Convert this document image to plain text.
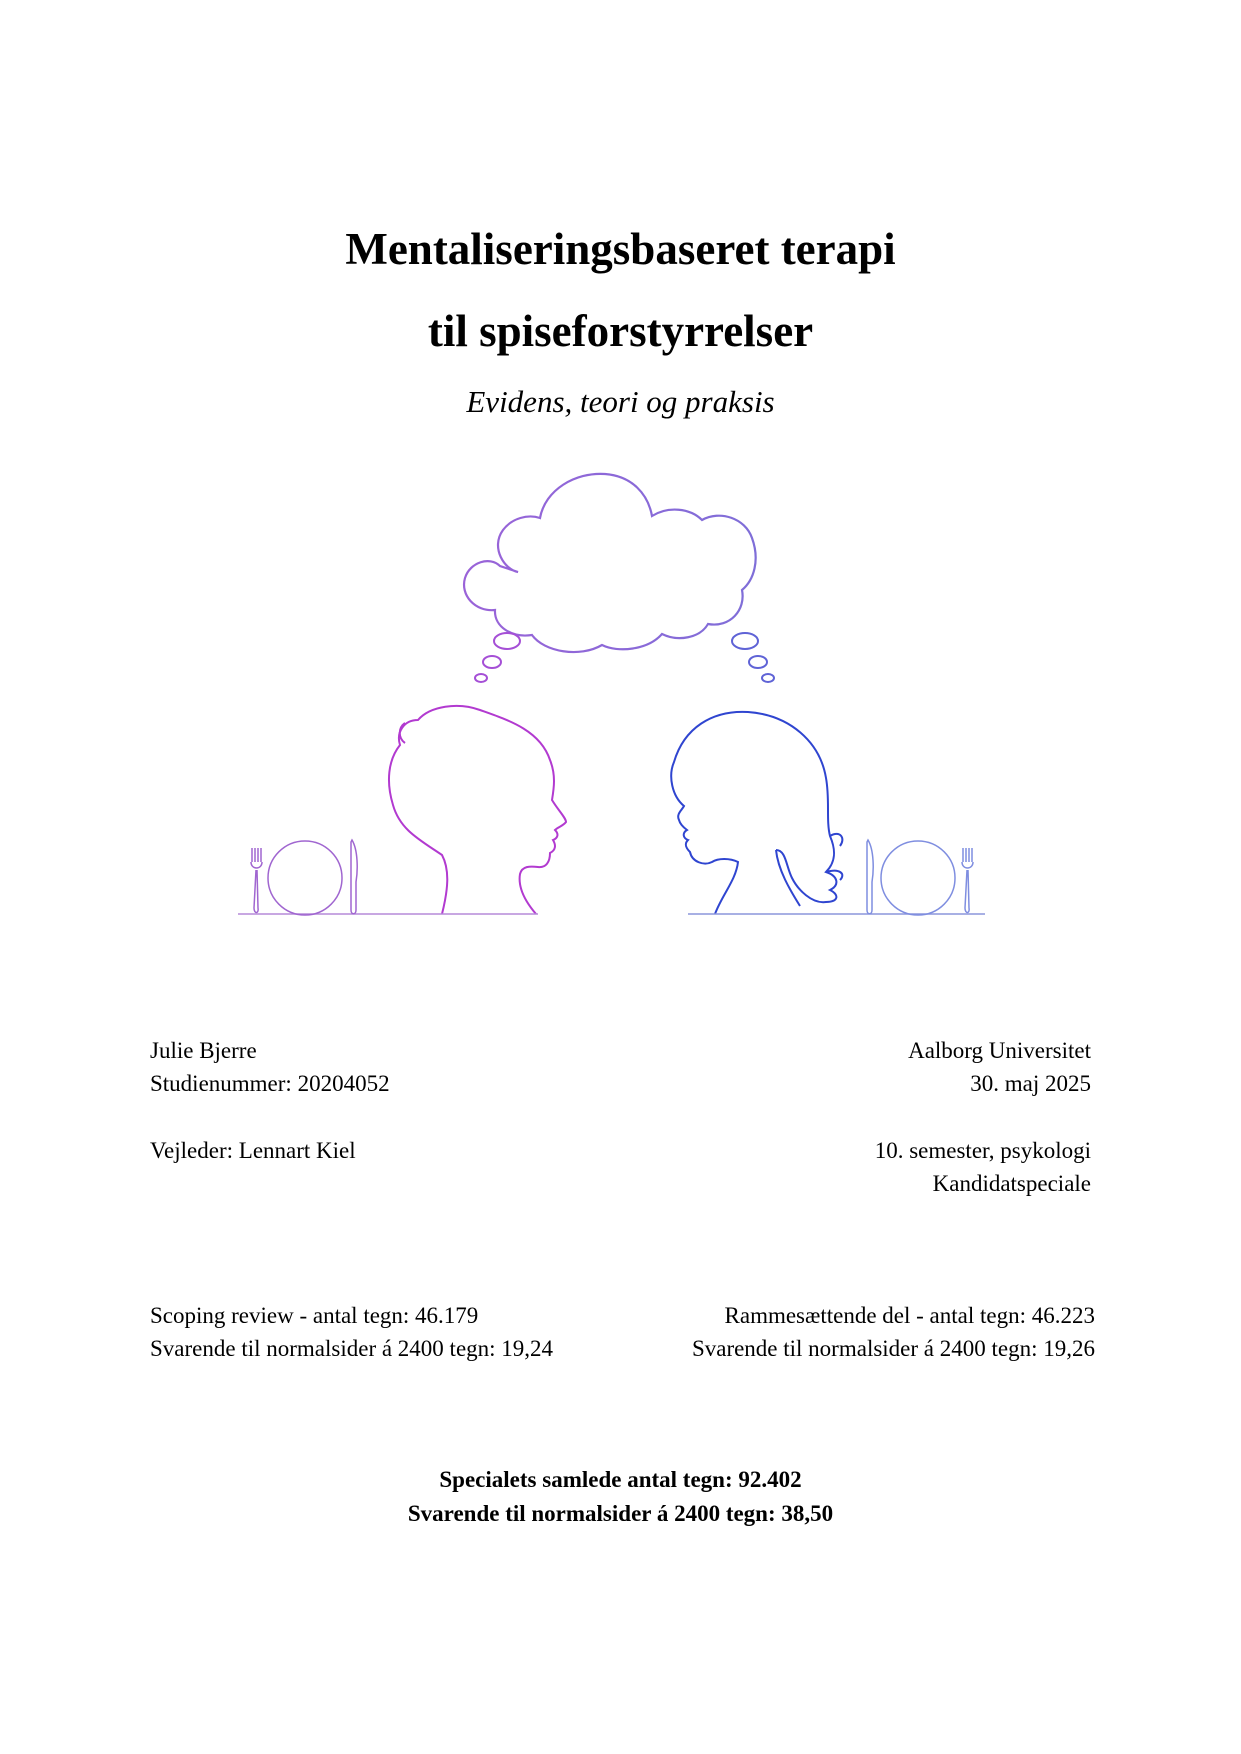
Mentaliseringsbaseret terapi
til spiseforstyrrelser
Evidens, teori og praksis
Julie Bjerre
Studienummer: 20204052
Aalborg Universitet
30. maj 2025
Vejleder: Lennart Kiel	10. semester, psykologi
Kandidatspeciale
Scoping review - antal tegn: 46.179
Svarende til normalsider á 2400 tegn: 19,24
Rammesættende del - antal tegn: 46.223
Svarende til normalsider á 2400 tegn: 19,26
Specialets samlede antal tegn: 92.402
Svarende til normalsider á 2400 tegn: 38,50
